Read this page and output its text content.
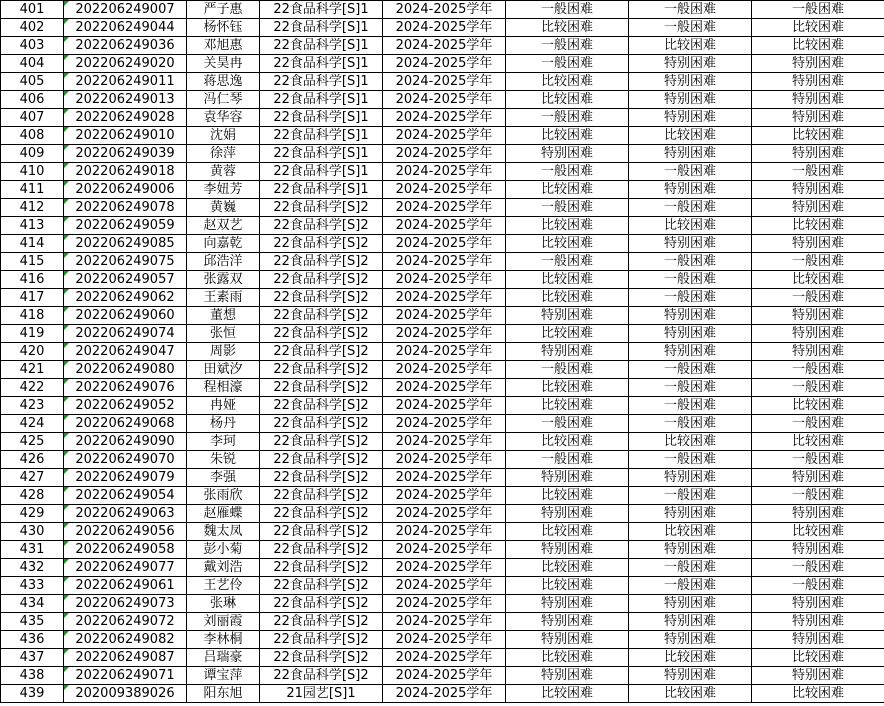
401	202206249007	严子惠	22食品科学[S]1	2024-2025学年	一般困难	一般困难	一般困难
402	202206249044	杨怀钰	22食品科学[S]1	2024-2025学年	比较困难	一般困难	比较困难
403	202206249036	邓旭惠	22食品科学[S]1	2024-2025学年	一般困难	比较困难	比较困难
404	202206249020	关昊冉	22食品科学[S]1	2024-2025学年	一般困难	特别困难	特别困难
405	202206249011	蒋思逸	22食品科学[S]1	2024-2025学年	比较困难	特别困难	特别困难
406	202206249013	冯仁琴	22食品科学[S]1	2024-2025学年	比较困难	特别困难	特别困难
407	202206249028	袁华容	22食品科学[S]1	2024-2025学年	一般困难	特别困难	特别困难
408	202206249010	沈娟	22食品科学[S]1	2024-2025学年	比较困难	比较困难	比较困难
409	202206249039	徐萍	22食品科学[S]1	2024-2025学年	特别困难	特别困难	特别困难
410	202206249018	黄蓉	22食品科学[S]1	2024-2025学年	一般困难	一般困难	一般困难
411	202206249006	李妞芳	22食品科学[S]1	2024-2025学年	比较困难	特别困难	特别困难
412	202206249078	黄巍	22食品科学[S]2	2024-2025学年	一般困难	一般困难	特别困难
413	202206249059	赵双艺	22食品科学[S]2	2024-2025学年	比较困难	比较困难	比较困难
414	202206249085	向嘉乾	22食品科学[S]2	2024-2025学年	比较困难	特别困难	特别困难
415	202206249075	邱浩洋	22食品科学[S]2	2024-2025学年	一般困难	一般困难	一般困难
416	202206249057	张露双	22食品科学[S]2	2024-2025学年	比较困难	一般困难	比较困难
417	202206249062	王素雨	22食品科学[S]2	2024-2025学年	比较困难	一般困难	一般困难
418	202206249060	董想	22食品科学[S]2	2024-2025学年	特别困难	特别困难	特别困难
419	202206249074	张恒	22食品科学[S]2	2024-2025学年	比较困难	特别困难	特别困难
420	202206249047	周影	22食品科学[S]2	2024-2025学年	特别困难	特别困难	特别困难
421	202206249080	田斌汐	22食品科学[S]2	2024-2025学年	一般困难	一般困难	一般困难
422	202206249076	程相濠	22食品科学[S]2	2024-2025学年	比较困难	一般困难	一般困难
423	202206249052	冉娅	22食品科学[S]2	2024-2025学年	比较困难	一般困难	比较困难
424	202206249068	杨丹	22食品科学[S]2	2024-2025学年	一般困难	一般困难	一般困难
425	202206249090	李珂	22食品科学[S]2	2024-2025学年	比较困难	比较困难	比较困难
426	202206249070	朱锐	22食品科学[S]2	2024-2025学年	一般困难	一般困难	一般困难
427	202206249079	李强	22食品科学[S]2	2024-2025学年	特别困难	特别困难	特别困难
428	202206249054	张雨欣	22食品科学[S]2	2024-2025学年	比较困难	一般困难	一般困难
429	202206249063	赵雁蝶	22食品科学[S]2	2024-2025学年	特别困难	特别困难	特别困难
430	202206249056	魏太凤	22食品科学[S]2	2024-2025学年	比较困难	比较困难	比较困难
431	202206249058	彭小菊	22食品科学[S]2	2024-2025学年	特别困难	特别困难	特别困难
432	202206249077	戴刘浩	22食品科学[S]2	2024-2025学年	比较困难	一般困难	一般困难
433	202206249061	王艺伶	22食品科学[S]2	2024-2025学年	比较困难	一般困难	一般困难
434	202206249073	张琳	22食品科学[S]2	2024-2025学年	特别困难	特别困难	特别困难
435	202206249072	刘丽霞	22食品科学[S]2	2024-2025学年	特别困难	特别困难	特别困难
436	202206249082	李林桐	22食品科学[S]2	2024-2025学年	特别困难	特别困难	特别困难
437	202206249087	吕瑞豪	22食品科学[S]2	2024-2025学年	比较困难	比较困难	比较困难
438	202206249071	谭宝萍	22食品科学[S]2	2024-2025学年	特别困难	特别困难	特别困难
439	202009389026	阳东旭	21园艺[S]1	2024-2025学年	比较困难	比较困难	比较困难
